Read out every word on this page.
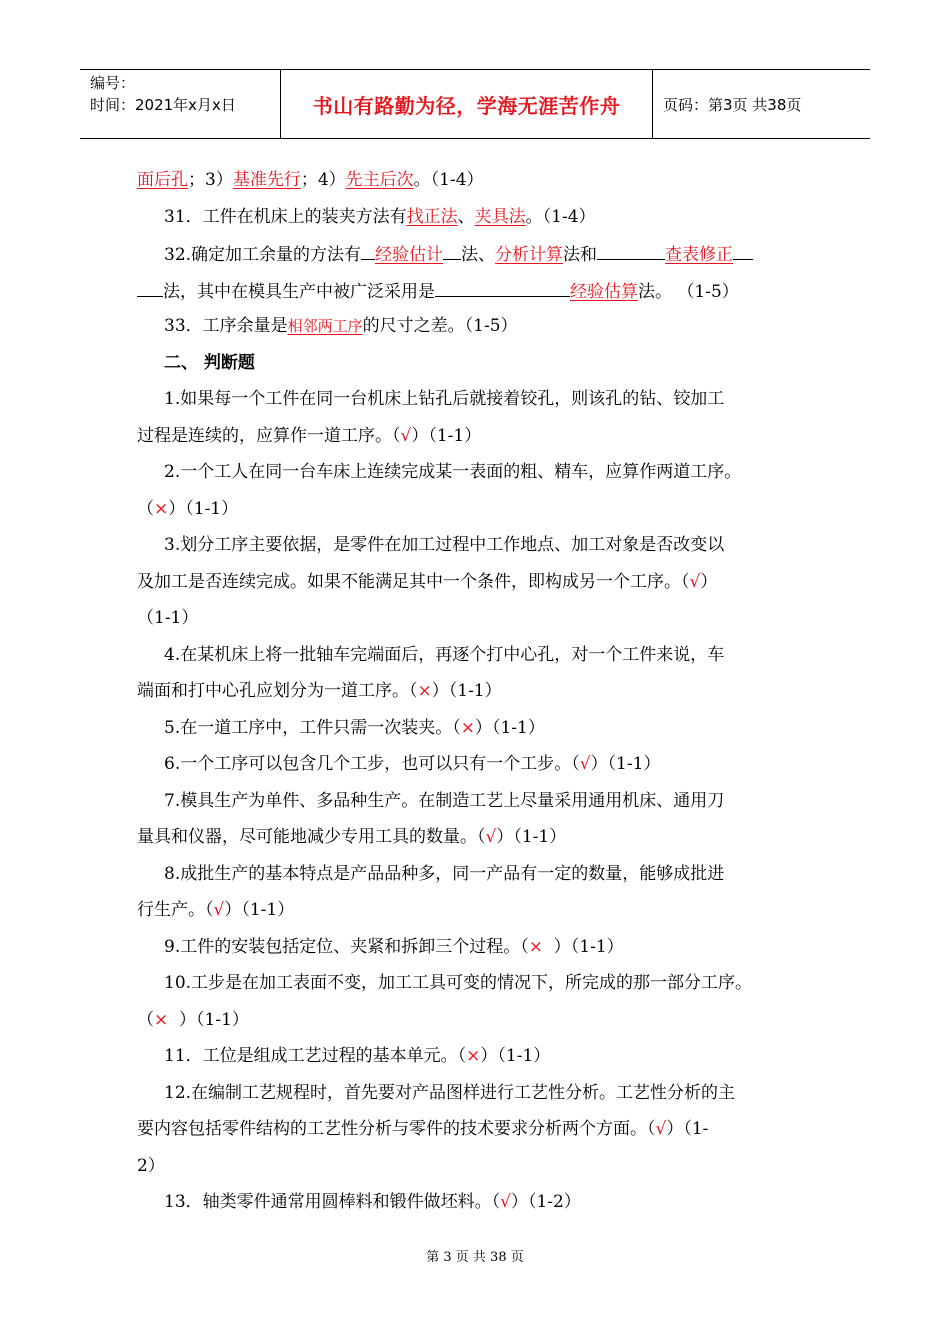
编号：
时间：2021年x月x日	书山有路勤为径，学海无涯苦作舟	页码：第3页 共38页
面后孔；3）基准先行；4）先主后次。（1-4）
31．工件在机床上的装夹方法有找正法、夹具法。（1-4）
32.确定加工余量的方法有 经验估计 法、分析计算法和	查表修正
法，其中在模具生产中被广泛采用是	经验估算法。 （1-5）
33．工序余量是相邻两工序的尺寸之差。（1-5）
二、 判断题
1.如果每一个工件在同一台机床上钻孔后就接着铰孔，则该孔的钻、铰加工
过程是连续的，应算作一道工序。（√）（1-1）
2.一个工人在同一台车床上连续完成某一表面的粗、精车，应算作两道工序。
（×）（1-1）
3.划分工序主要依据，是零件在加工过程中工作地点、加工对象是否改变以
及加工是否连续完成。如果不能满足其中一个条件，即构成另一个工序。（√）
（1-1）
4.在某机床上将一批轴车完端面后，再逐个打中心孔，对一个工件来说，车
端面和打中心孔应划分为一道工序。（×）（1-1）
5.在一道工序中，工件只需一次装夹。（×）（1-1）
6.一个工序可以包含几个工步，也可以只有一个工步。（√）（1-1）
7.模具生产为单件、多品种生产。在制造工艺上尽量采用通用机床、通用刀
量具和仪器，尽可能地减少专用工具的数量。（√）（1-1）
8.成批生产的基本特点是产品品种多，同一产品有一定的数量，能够成批进
行生产。（√）（1-1）
9.工件的安装包括定位、夹紧和拆卸三个过程。（×  ）（1-1）
10.工步是在加工表面不变，加工工具可变的情况下，所完成的那一部分工序。
（×  ）（1-1）
11．工位是组成工艺过程的基本单元。（×）（1-1）
12.在编制工艺规程时，首先要对产品图样进行工艺性分析。工艺性分析的主
要内容包括零件结构的工艺性分析与零件的技术要求分析两个方面。（√）（1-
2）
13．轴类零件通常用圆棒料和锻件做坯料。（√）（1-2）
第 3 页 共 38 页
